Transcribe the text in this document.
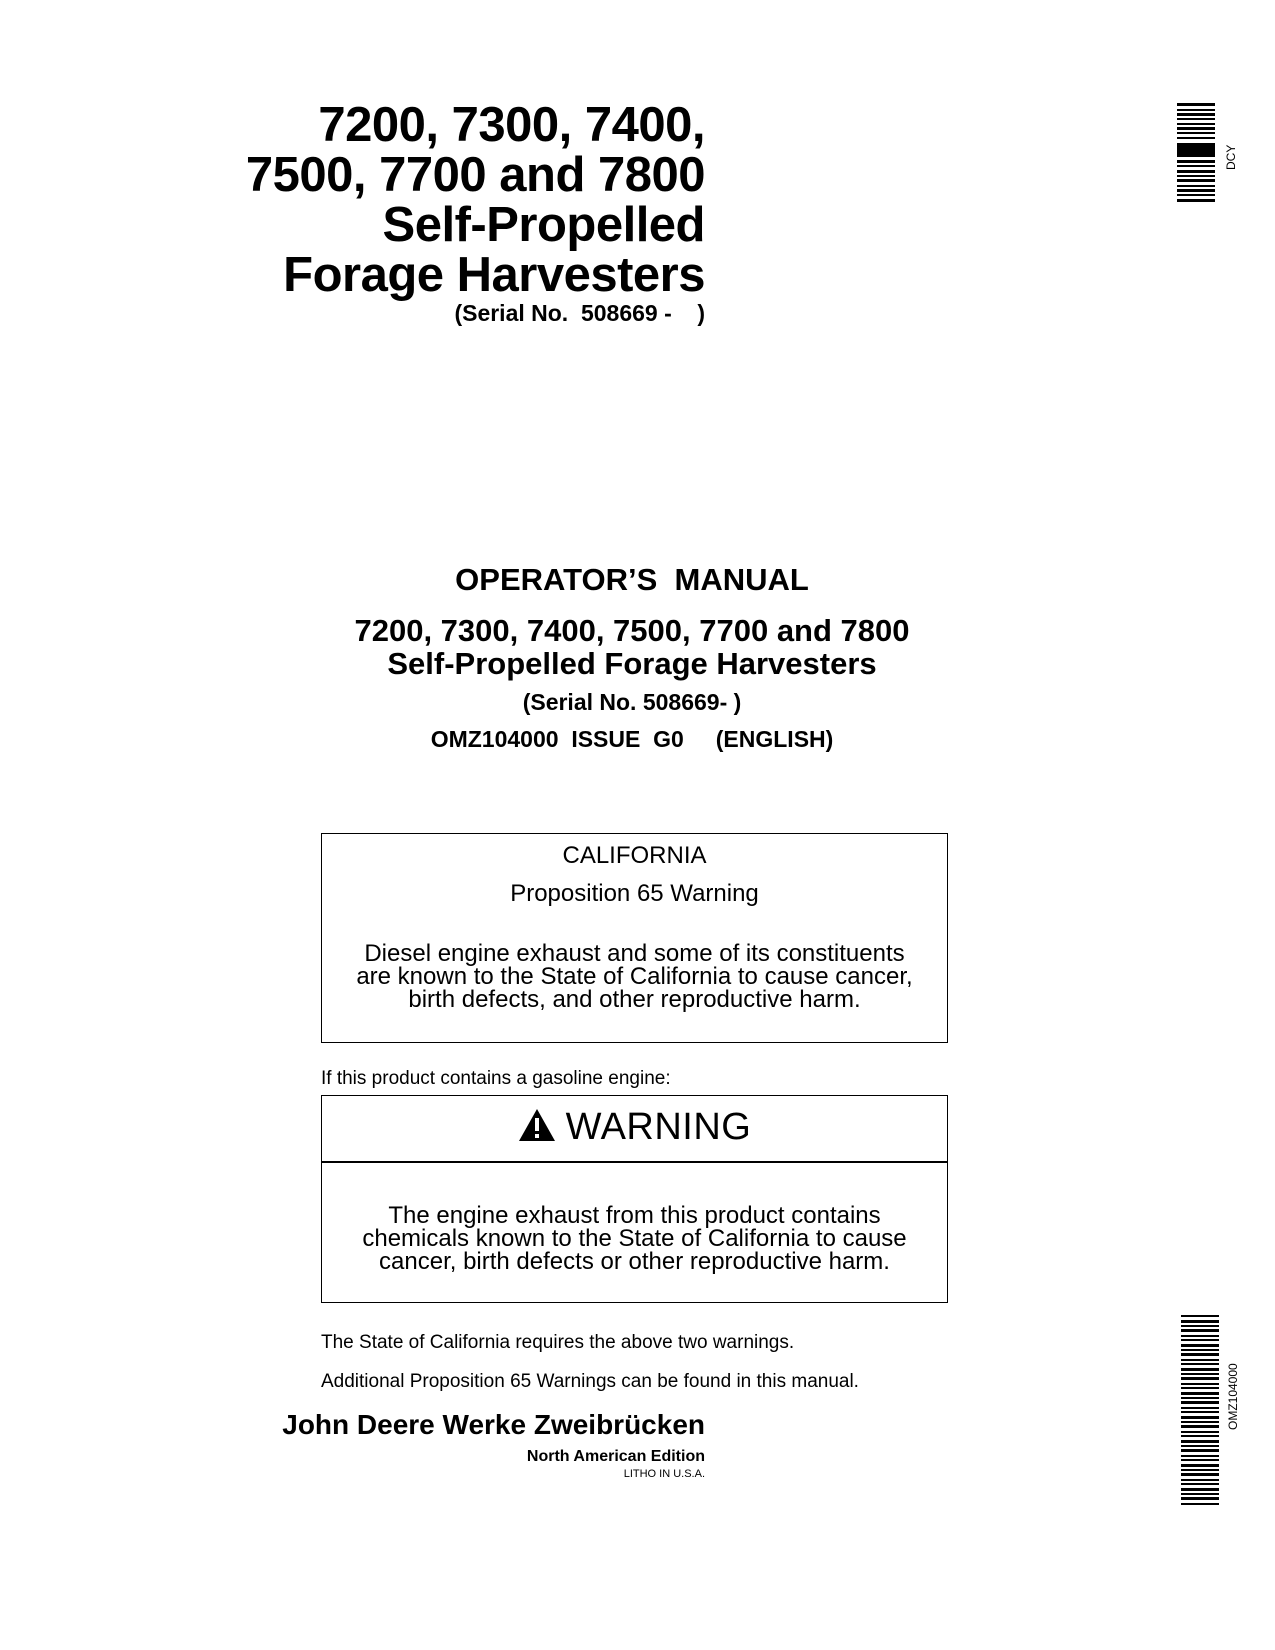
7200, 7300, 7400,
7500, 7700 and 7800
Self-Propelled
Forage Harvesters
(Serial No.  508669 -    )
DCY
OPERATOR’S  MANUAL
7200, 7300, 7400, 7500, 7700 and 7800
Self-Propelled Forage Harvesters
(Serial No. 508669- )
OMZ104000  ISSUE  G0     (ENGLISH)
CALIFORNIA
Proposition 65 Warning
Diesel engine exhaust and some of its constituents
are known to the State of California to cause cancer,
birth defects, and other reproductive harm.
If this product contains a gasoline engine:
WARNING
The engine exhaust from this product contains
chemicals known to the State of California to cause
cancer, birth defects or other reproductive harm.
The State of California requires the above two warnings.
Additional Proposition 65 Warnings can be found in this manual.
John Deere Werke Zweibrücken
North American Edition
LITHO IN U.S.A.
OMZ104000
